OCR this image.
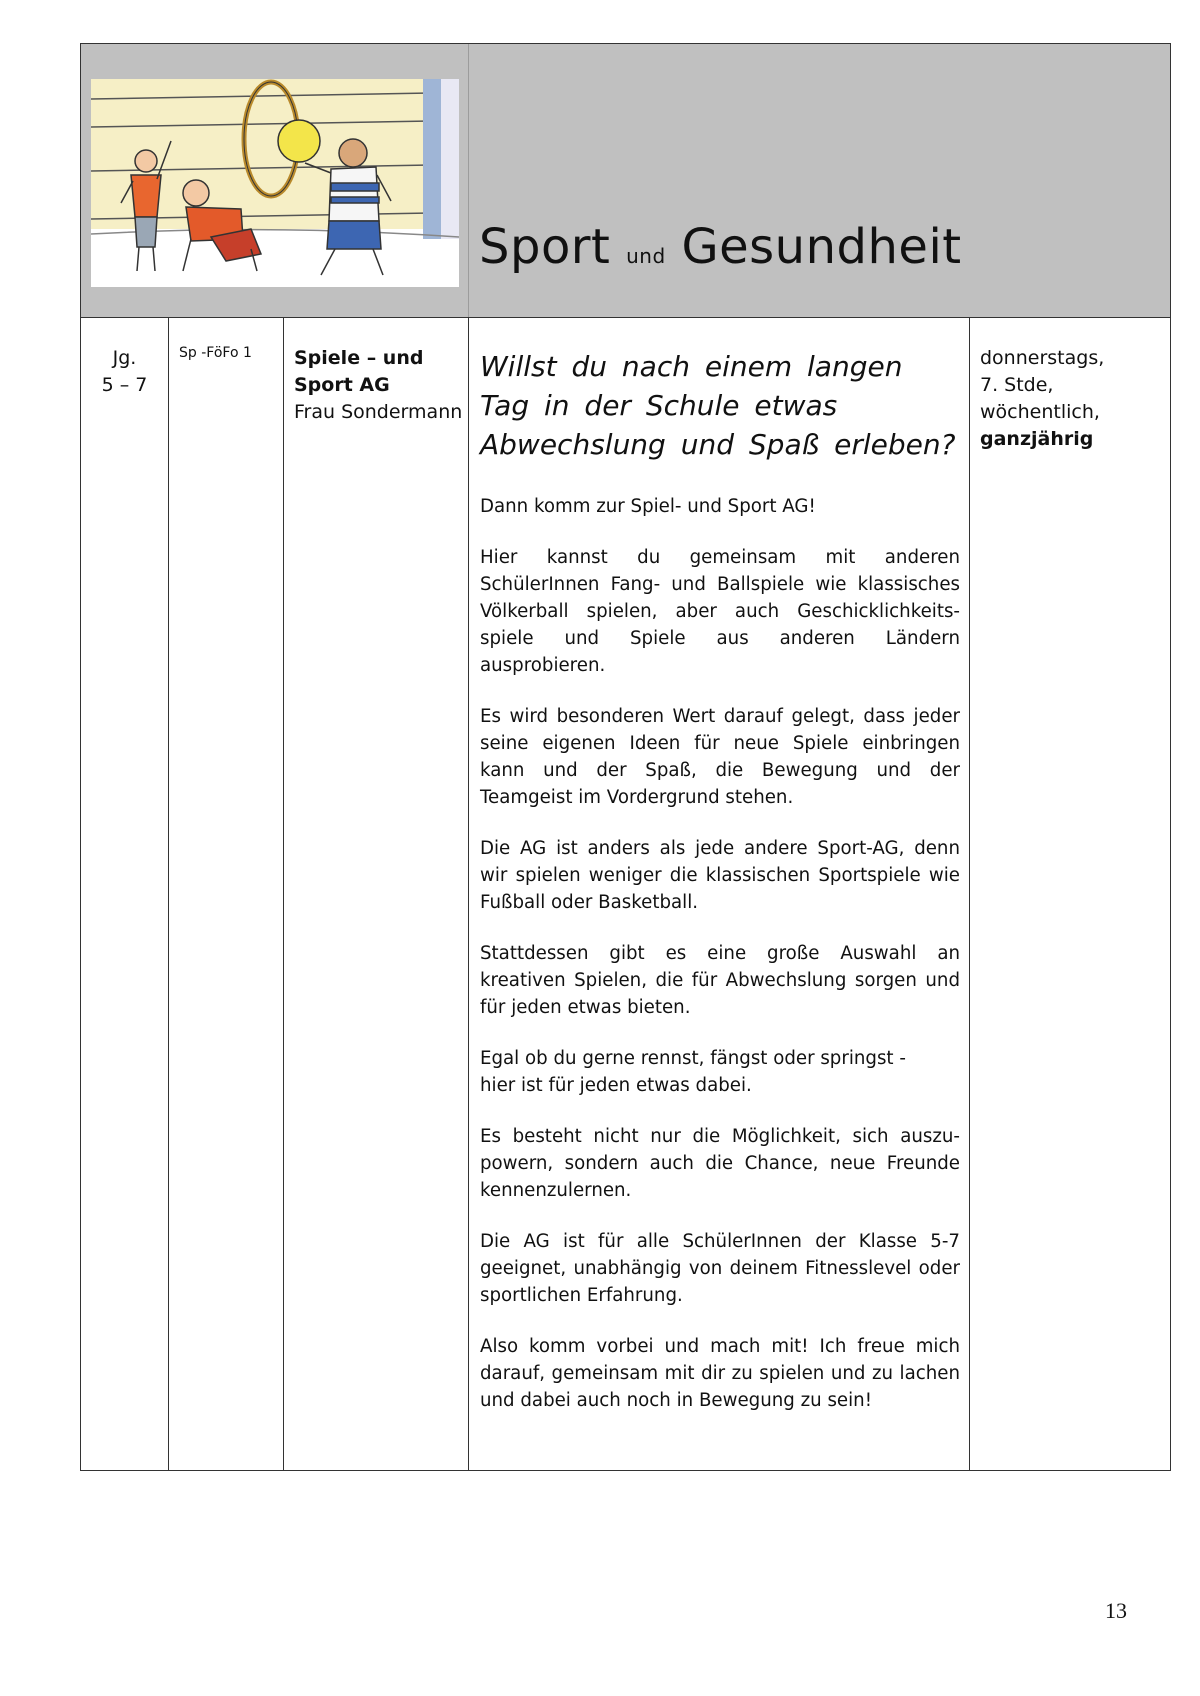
Sport und Gesundheit
Jg.
5 – 7
Sp -FöFo 1	Spiele – und
Sport AG
Frau Sondermann
Willst du nach einem langen Tag in der Schule etwas Abwechslung und Spaß erleben?
Dann komm zur Spiel- und Sport AG!
Hier kannst du gemeinsam mit anderen SchülerInnen Fang- und Ballspiele wie klassisches Völkerball spielen, aber auch Geschicklichkeits-spiele und Spiele aus anderen Ländern ausprobieren.
Es wird besonderen Wert darauf gelegt, dass jeder seine eigenen Ideen für neue Spiele einbringen kann und der Spaß, die Bewegung und der Teamgeist im Vordergrund stehen.
Die AG ist anders als jede andere Sport-AG, denn wir spielen weniger die klassischen Sportspiele wie Fußball oder Basketball.
Stattdessen gibt es eine große Auswahl an kreativen Spielen, die für Abwechslung sorgen und für jeden etwas bieten.
Egal ob du gerne rennst, fängst oder springst -
hier ist für jeden etwas dabei.
Es besteht nicht nur die Möglichkeit, sich auszu-powern, sondern auch die Chance, neue Freunde kennenzulernen.
Die AG ist für alle SchülerInnen der Klasse 5-7 geeignet, unabhängig von deinem Fitnesslevel oder sportlichen Erfahrung.
Also komm vorbei und mach mit! Ich freue mich darauf, gemeinsam mit dir zu spielen und zu lachen und dabei auch noch in Bewegung zu sein!
donnerstags,
7. Stde,
wöchentlich,
ganzjährig
13
